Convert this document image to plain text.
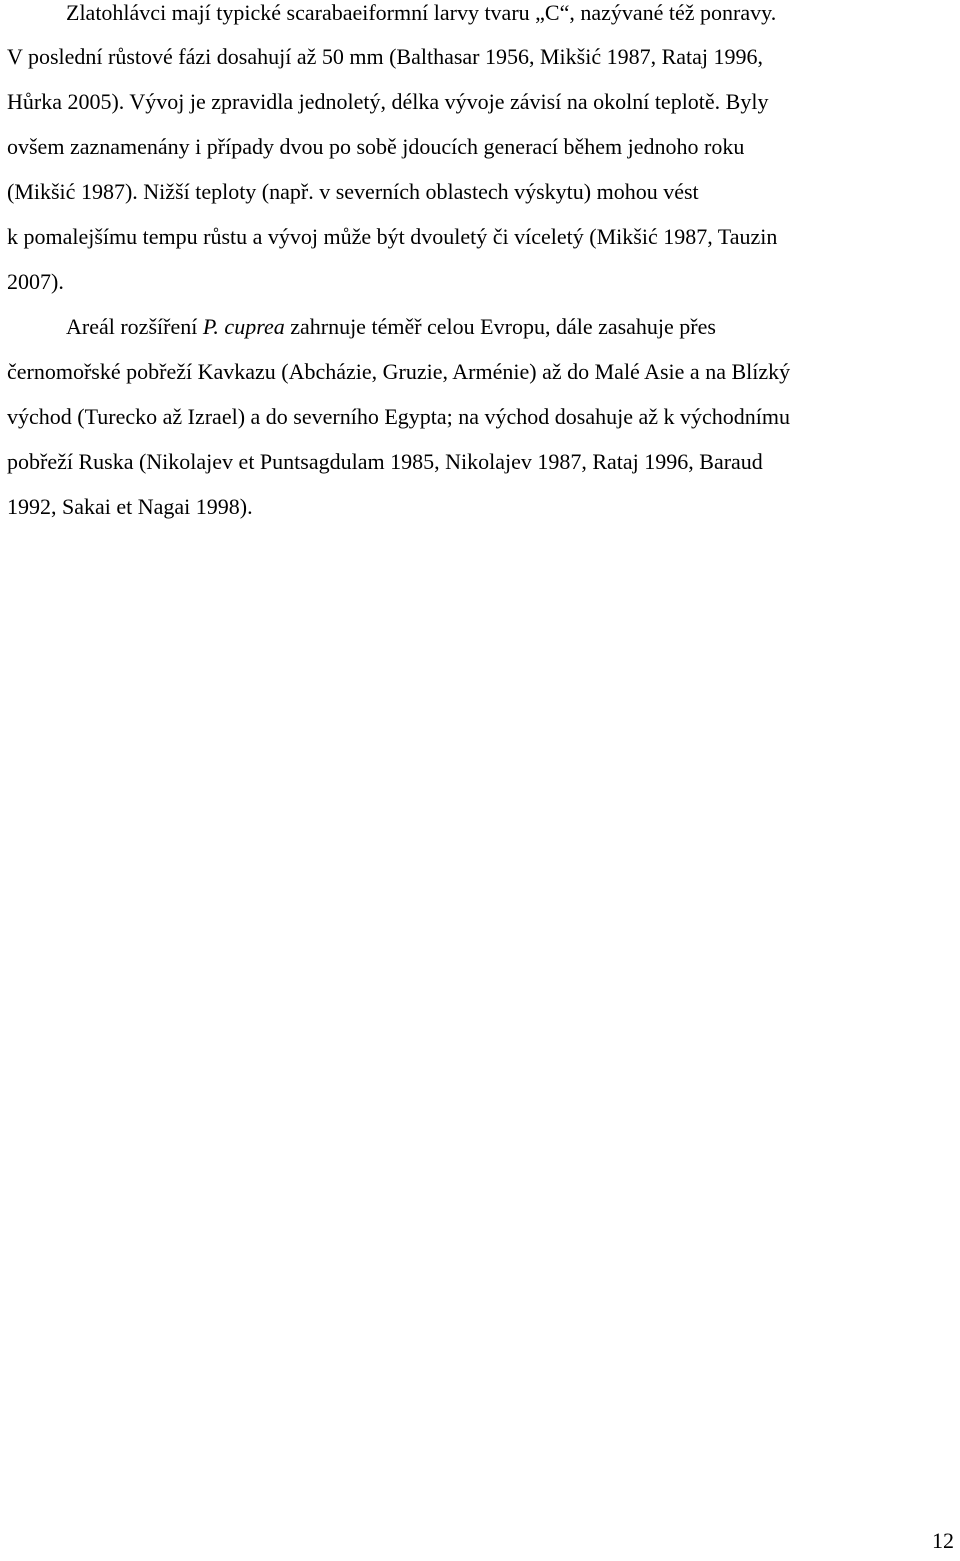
Zlatohlávci mají typické scarabaeiformní larvy tvaru „C“, nazývané též ponravy.
V poslední růstové fázi dosahují až 50 mm (Balthasar 1956, Mikšić 1987, Rataj 1996,
Hůrka 2005). Vývoj je zpravidla jednoletý, délka vývoje závisí na okolní teplotě. Byly
ovšem zaznamenány i případy dvou po sobě jdoucích generací během jednoho roku
(Mikšić 1987). Nižší teploty (např. v severních oblastech výskytu) mohou vést
k pomalejšímu tempu růstu a vývoj může být dvouletý či víceletý (Mikšić 1987, Tauzin
2007).
Areál rozšíření P. cuprea zahrnuje téměř celou Evropu, dále zasahuje přes
černomořské pobřeží Kavkazu (Abcházie, Gruzie, Arménie) až do Malé Asie a na Blízký
východ (Turecko až Izrael) a do severního Egypta; na východ dosahuje až k východnímu
pobřeží Ruska (Nikolajev et Puntsagdulam 1985, Nikolajev 1987, Rataj 1996, Baraud
1992, Sakai et Nagai 1998).
12
